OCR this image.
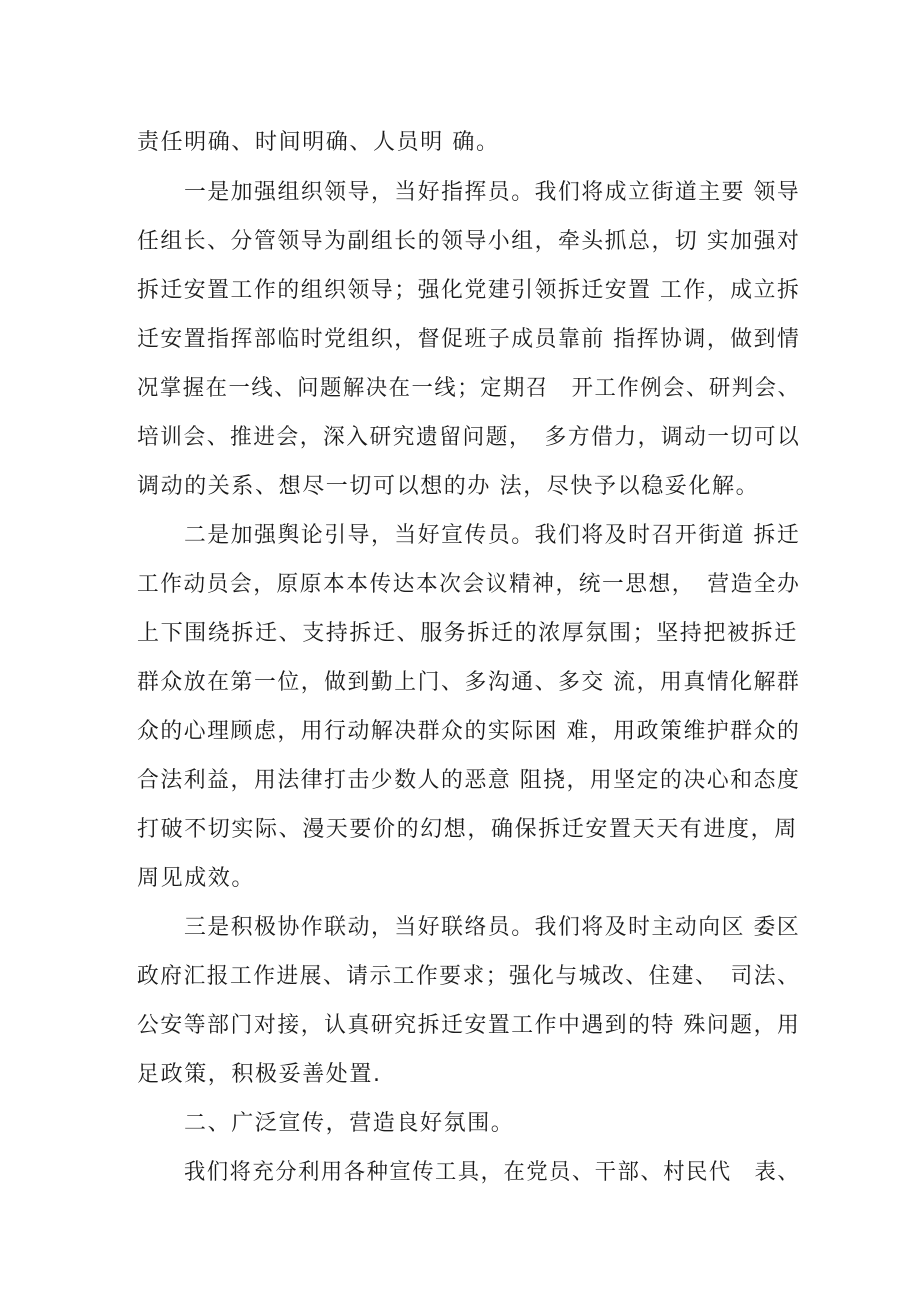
责任明确、时间明确、人员明 确。
一是加强组织领导，当好指挥员。我们将成立街道主要 领导
任组长、分管领导为副组长的领导小组，牵头抓总，切 实加强对
拆迁安置工作的组织领导；强化党建引领拆迁安置 工作，成立拆
迁安置指挥部临时党组织，督促班子成员靠前 指挥协调，做到情
况掌握在一线、问题解决在一线；定期召　开工作例会、研判会、
培训会、推进会，深入研究遗留问题，　多方借力，调动一切可以
调动的关系、想尽一切可以想的办 法，尽快予以稳妥化解。
二是加强舆论引导，当好宣传员。我们将及时召开街道 拆迁
工作动员会，原原本本传达本次会议精神，统一思想，　营造全办
上下围绕拆迁、支持拆迁、服务拆迁的浓厚氛围；坚持把被拆迁
群众放在第一位，做到勤上门、多沟通、多交 流，用真情化解群
众的心理顾虑，用行动解决群众的实际困 难，用政策维护群众的
合法利益，用法律打击少数人的恶意 阻挠，用坚定的决心和态度
打破不切实际、漫天要价的幻想，确保拆迁安置天天有进度，周
周见成效。
三是积极协作联动，当好联络员。我们将及时主动向区 委区
政府汇报工作进展、请示工作要求；强化与城改、住建、　司法、
公安等部门对接，认真研究拆迁安置工作中遇到的特 殊问题，用
足政策，积极妥善处置.
二、广泛宣传，营造良好氛围。
我们将充分利用各种宣传工具，在党员、干部、村民代　表、
